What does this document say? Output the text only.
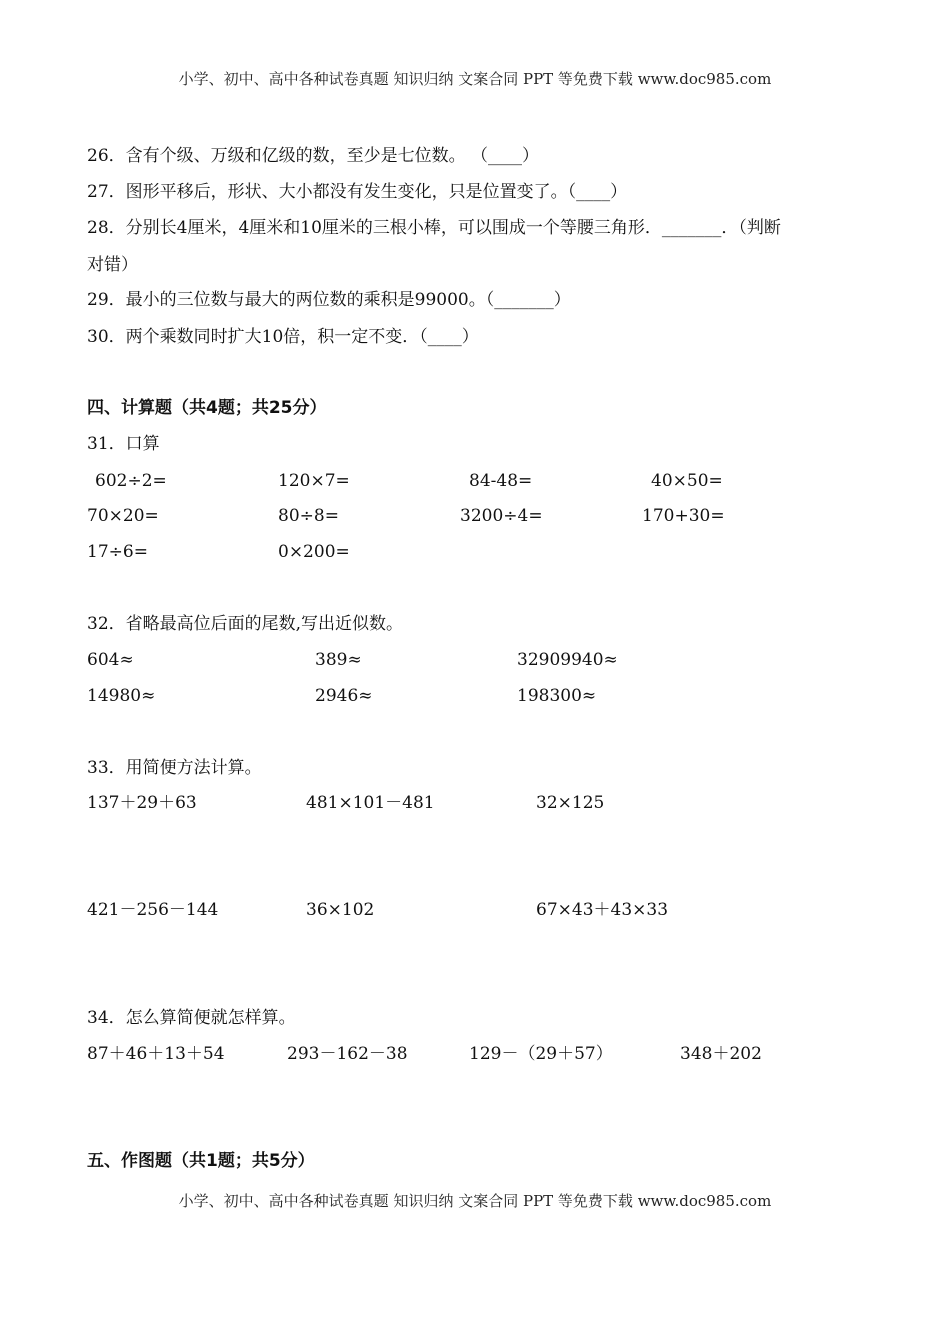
小学、初中、高中各种试卷真题 知识归纳 文案合同 PPT 等免费下载 www.doc985.com
26．含有个级、万级和亿级的数，至少是七位数。 （____）
27．图形平移后，形状、大小都没有发生变化，只是位置变了。（____）
28．分别长4厘米，4厘米和10厘米的三根小棒，可以围成一个等腰三角形．_______．（判断
对错）
29．最小的三位数与最大的两位数的乘积是99000。（_______）
30．两个乘数同时扩大10倍，积一定不变．（____）
四、计算题（共4题；共25分）
31．口算
602÷2=	120×7=	84-48=	40×50=
70×20=	80÷8=	3200÷4=	170+30=
17÷6=	0×200=
32．省略最高位后面的尾数,写出近似数。
604≈	389≈	32909940≈
14980≈	2946≈	198300≈
33．用简便方法计算。
137＋29＋63	481×101－481	32×125
421－256－144	36×102	67×43＋43×33
34．怎么算简便就怎样算。
87＋46＋13＋54	293－162－38	129－（29＋57）	348＋202
五、作图题（共1题；共5分）
小学、初中、高中各种试卷真题 知识归纳 文案合同 PPT 等免费下载 www.doc985.com
